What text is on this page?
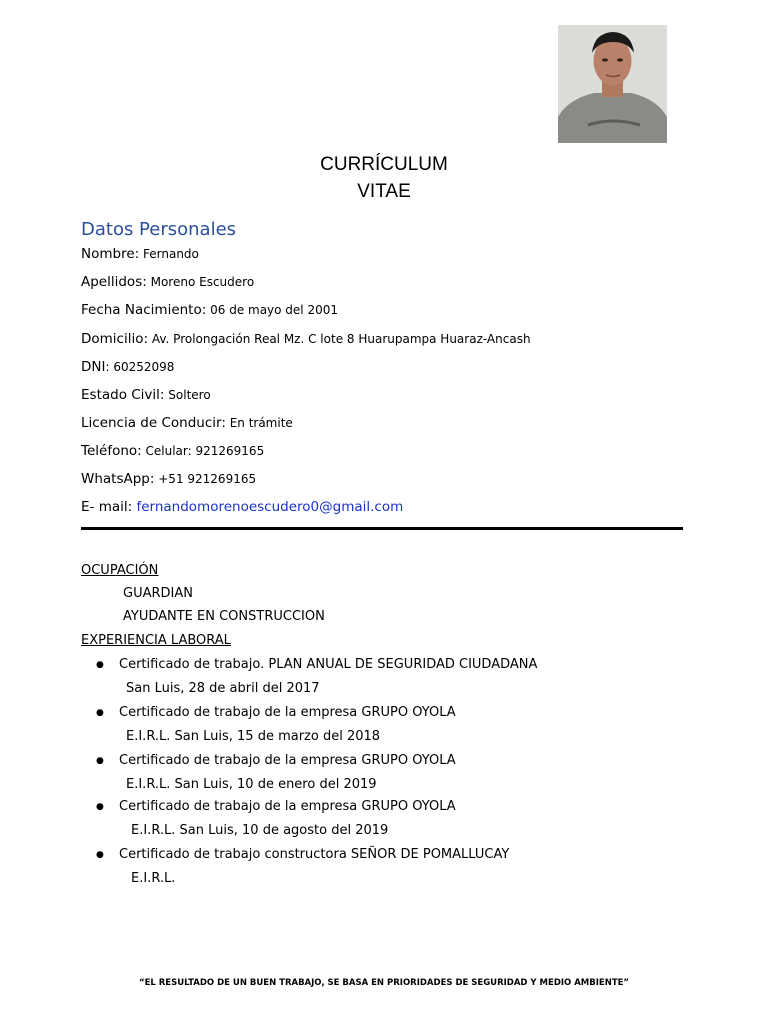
CURRÍCULUM
VITAE
Datos Personales
Nombre: Fernando
Apellidos: Moreno Escudero
Fecha Nacimiento: 06 de mayo del 2001
Domicilio: Av. Prolongación Real Mz. C lote 8 Huarupampa Huaraz-Ancash
DNI: 60252098
Estado Civil: Soltero
Licencia de Conducir: En trámite
Teléfono: Celular: 921269165
WhatsApp: +51 921269165
E- mail: fernandomorenoescudero0@gmail.com
OCUPACIÓN
GUARDIAN
AYUDANTE EN CONSTRUCCION
EXPERIENCIA LABORAL
● Certificado de trabajo. PLAN ANUAL DE SEGURIDAD CIUDADANA
San Luis, 28 de abril del 2017
● Certificado de trabajo de la empresa GRUPO OYOLA
E.I.R.L. San Luis, 15 de marzo del 2018
● Certificado de trabajo de la empresa GRUPO OYOLA
E.I.R.L. San Luis, 10 de enero del 2019
● Certificado de trabajo de la empresa GRUPO OYOLA
E.I.R.L. San Luis, 10 de agosto del 2019
● Certificado de trabajo constructora SEÑOR DE POMALLUCAY
E.I.R.L.
“EL RESULTADO DE UN BUEN TRABAJO, SE BASA EN PRIORIDADES DE SEGURIDAD Y MEDIO AMBIENTE”
